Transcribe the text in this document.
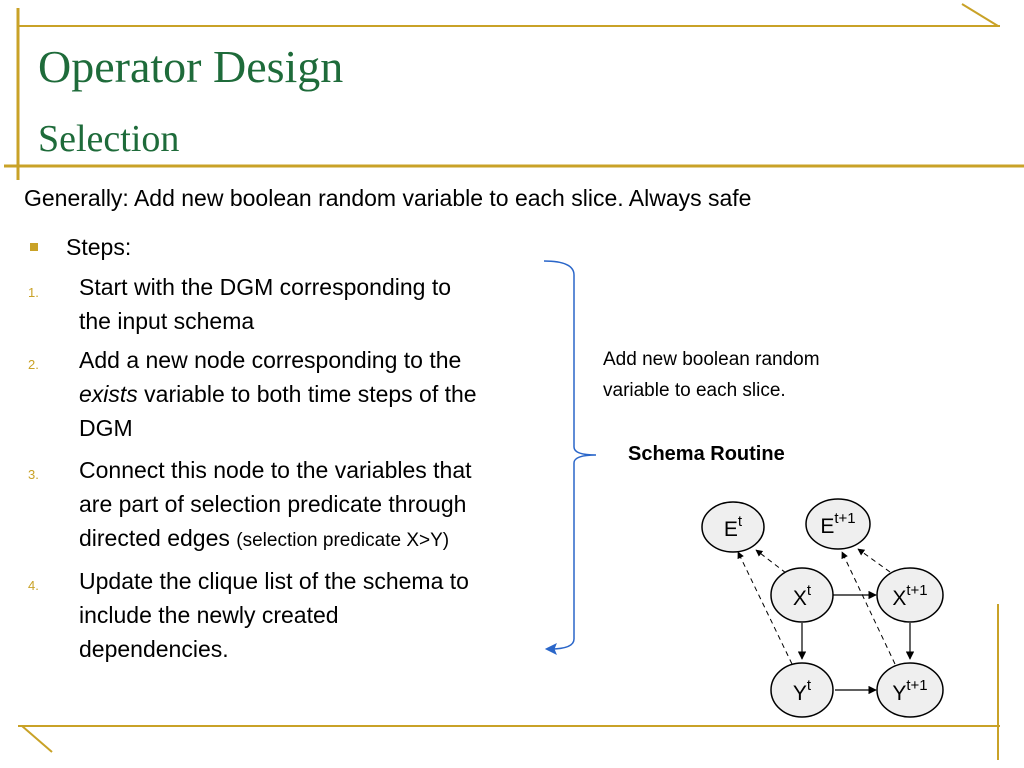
Operator Design
Selection
Generally: Add new boolean random variable to each slice. Always safe
Steps:
1. Start with the DGM corresponding to
the input schema
2. Add a new node corresponding to the
exists variable to both time steps of the
DGM
3. Connect this node to the variables that
are part of selection predicate through
directed edges (selection predicate X>Y)
4. Update the clique list of the schema to
include the newly created
dependencies.
Add new boolean random
variable to each slice.
Schema Routine
$E^t$	$E^{t+1}$
$X^t$	$X^{t+1}$
$Y^t$	$Y^{t+1}$
